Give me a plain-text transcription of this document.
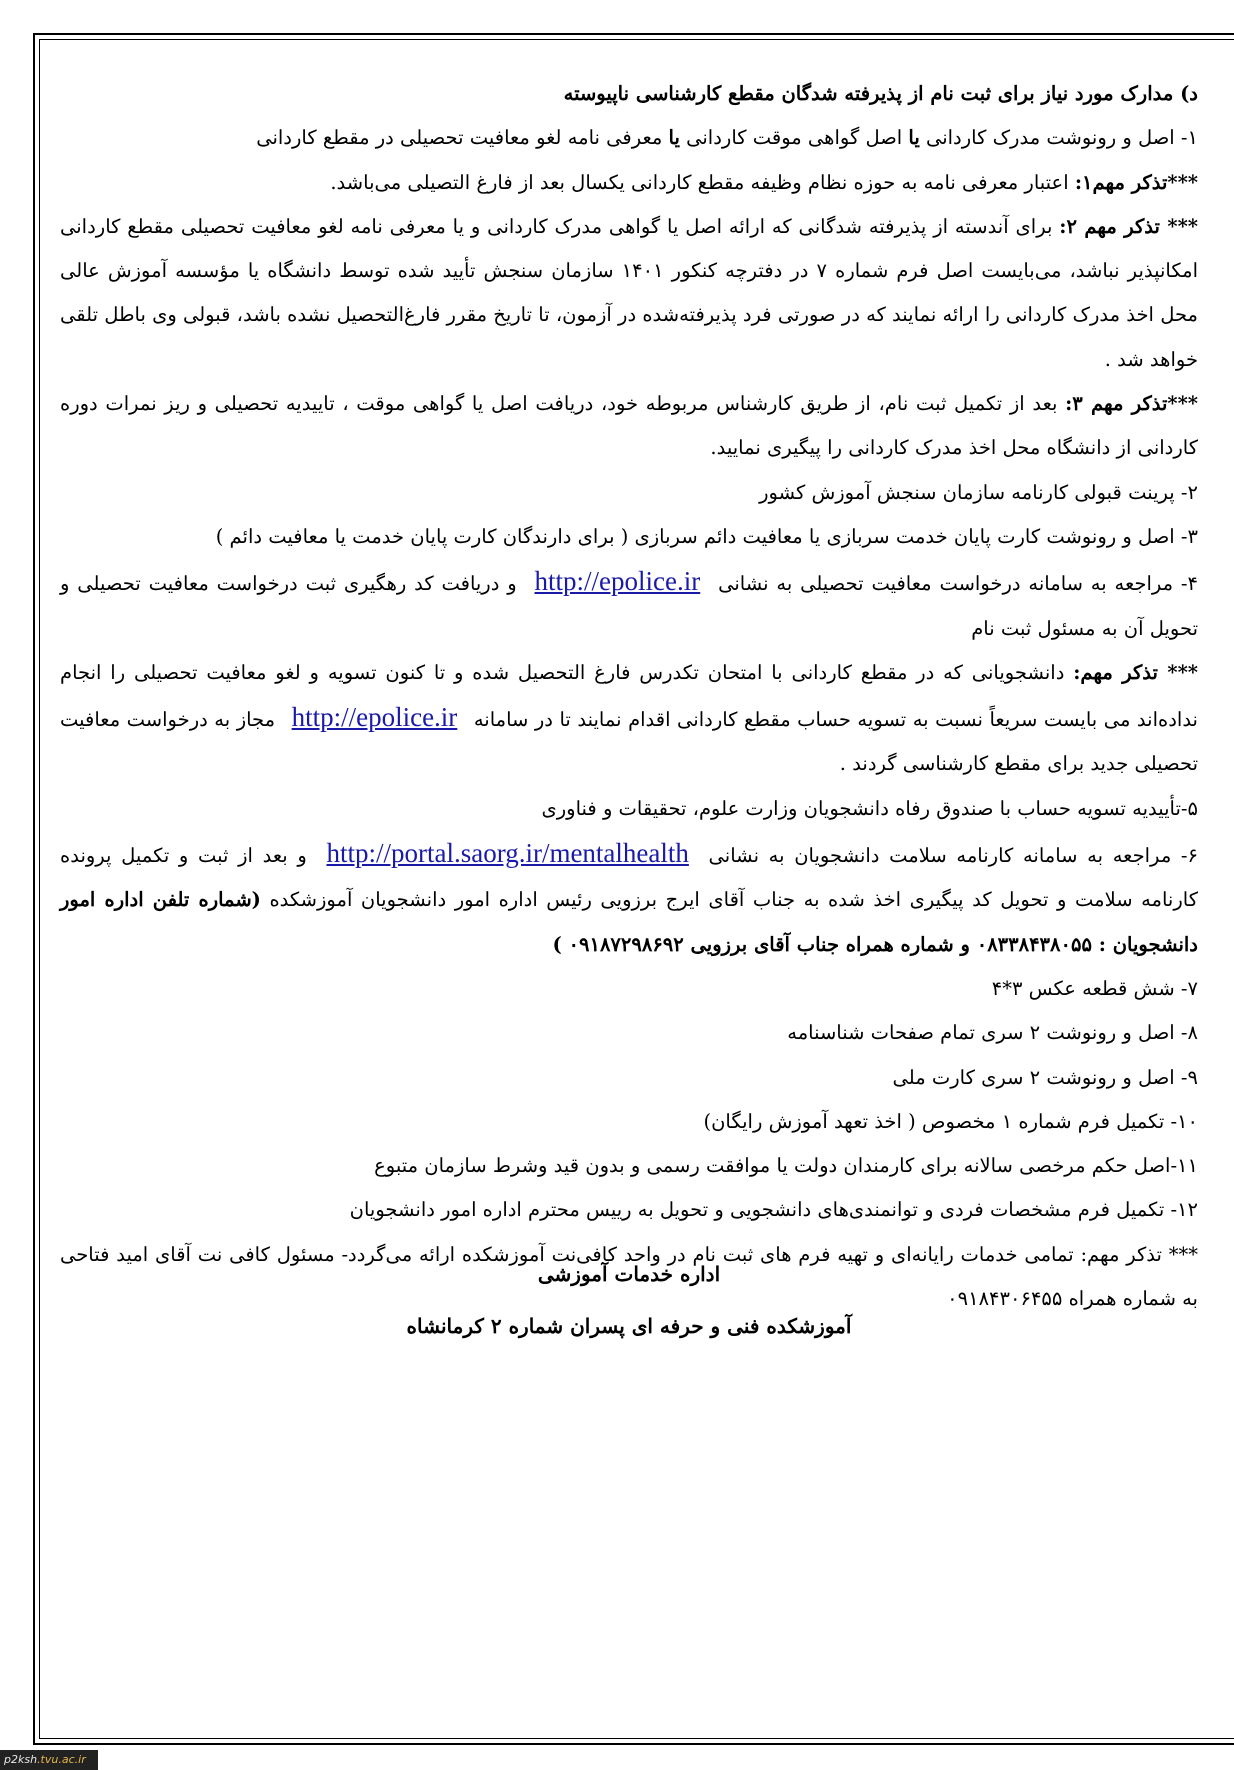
د) مدارک مورد نیاز برای ثبت نام از پذیرفته شدگان مقطع کارشناسی ناپیوسته

۱- اصل و رونوشت مدرک کاردانی یا اصل گواهی موقت کاردانی یا معرفی نامه لغو معافیت تحصیلی در مقطع کاردانی

***تذکر مهم۱: اعتبار معرفی نامه به حوزه نظام وظیفه مقطع کاردانی یکسال بعد از فارغ التصیلی می‌باشد.

*** تذکر مهم ۲: برای آندسته از پذیرفته شدگانی که ارائه اصل یا گواهی مدرک کاردانی و یا معرفی نامه لغو معافیت تحصیلی مقطع کاردانی امکانپذیر نباشد، می‌بایست اصل فرم شماره ۷ در دفترچه کنکور ۱۴۰۱ سازمان سنجش تأیید شده توسط دانشگاه یا مؤسسه آموزش عالی محل اخذ مدرک کاردانی را ارائه نمایند که در صورتی فرد پذیرفته‌شده در آزمون، تا تاریخ مقرر فارغ‌التحصیل نشده باشد، قبولی وی باطل تلقی خواهد شد .

***تذکر مهم ۳: بعد از تکمیل ثبت نام، از طریق کارشناس مربوطه خود، دریافت اصل یا گواهی موقت ، تاییدیه تحصیلی و ریز نمرات دوره کاردانی از دانشگاه محل اخذ مدرک کاردانی را پیگیری نمایید.

۲- پرینت قبولی کارنامه سازمان سنجش آموزش کشور

۳- اصل و رونوشت کارت پایان خدمت سربازی یا معافیت دائم سربازی ( برای دارندگان کارت پایان خدمت یا معافیت دائم )

۴- مراجعه به سامانه درخواست معافیت تحصیلی به نشانی http://epolice.ir و دریافت کد رهگیری ثبت درخواست معافیت تحصیلی و تحویل آن به مسئول ثبت نام

*** تذکر مهم: دانشجویانی که در مقطع کاردانی با امتحان تکدرس فارغ التحصیل شده و تا کنون تسویه و لغو معافیت تحصیلی را انجام نداده‌اند می بایست سریعاً نسبت به تسویه حساب مقطع کاردانی اقدام نمایند تا در سامانه http://epolice.ir مجاز به درخواست معافیت تحصیلی جدید برای مقطع کارشناسی گردند .

۵-تأییدیه تسویه حساب با صندوق رفاه دانشجویان وزارت علوم، تحقیقات و فناوری

۶- مراجعه به سامانه کارنامه سلامت دانشجویان به نشانی http://portal.saorg.ir/mentalhealth و بعد از ثبت و تکمیل پرونده کارنامه سلامت و تحویل کد پیگیری اخذ شده به جناب آقای ایرج برزویی رئیس اداره امور دانشجویان آموزشکده (شماره تلفن اداره امور دانشجویان : ۰۸۳۳۸۴۳۸۰۵۵ و شماره همراه جناب آقای برزویی ۰۹۱۸۷۲۹۸۶۹۲ )

۷- شش قطعه عکس ۳*۴

۸- اصل و رونوشت ۲ سری تمام صفحات شناسنامه

۹- اصل و رونوشت ۲ سری کارت ملی

۱۰- تکمیل فرم شماره ۱ مخصوص ( اخذ تعهد آموزش رایگان)

۱۱-اصل حکم مرخصی سالانه برای کارمندان دولت یا موافقت رسمی و بدون قید وشرط سازمان متبوع

۱۲- تکمیل فرم مشخصات فردی و توانمندی‌های دانشجویی و تحویل به رییس محترم اداره امور دانشجویان

*** تذکر مهم: تمامی خدمات رایانه‌ای و تهیه فرم های ثبت نام در واحد کافی‌نت آموزشکده ارائه می‌گردد- مسئول کافی نت آقای امید فتاحی به شماره همراه ۰۹۱۸۴۳۰۶۴۵۵

اداره خدمات آموزشی
آموزشکده فنی و حرفه ای پسران شماره ۲ کرمانشاه
p2ksh.tvu.ac.ir
